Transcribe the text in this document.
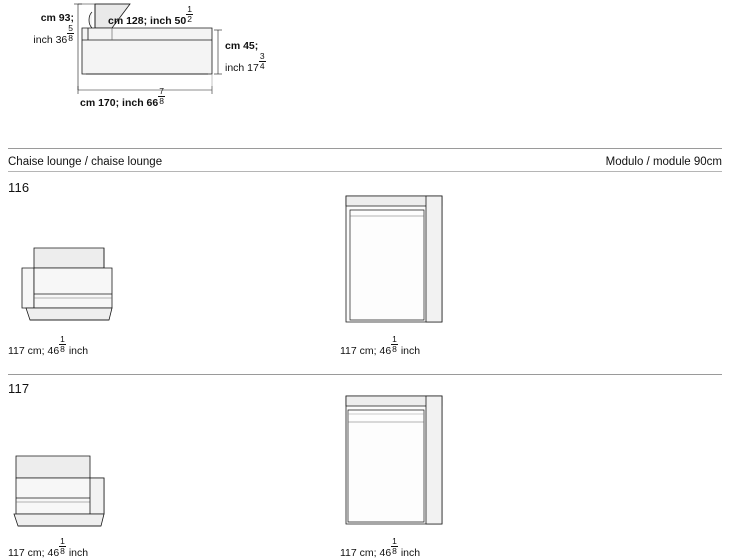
cm 93;
inch $36 \frac{5}{8}$
cm 128; inch $50 \frac{1}{2}$
cm 45;
inch $17 \frac{3}{4}$
cm 170; inch $66 \frac{7}{8}$
Chaise lounge / chaise lounge	Modulo / module 90cm
116
117 cm; $46 \frac{1}{8}$ inch	117 cm; $46 \frac{1}{8}$ inch
117
117 cm; $46 \frac{1}{8}$ inch	117 cm; $46 \frac{1}{8}$ inch
